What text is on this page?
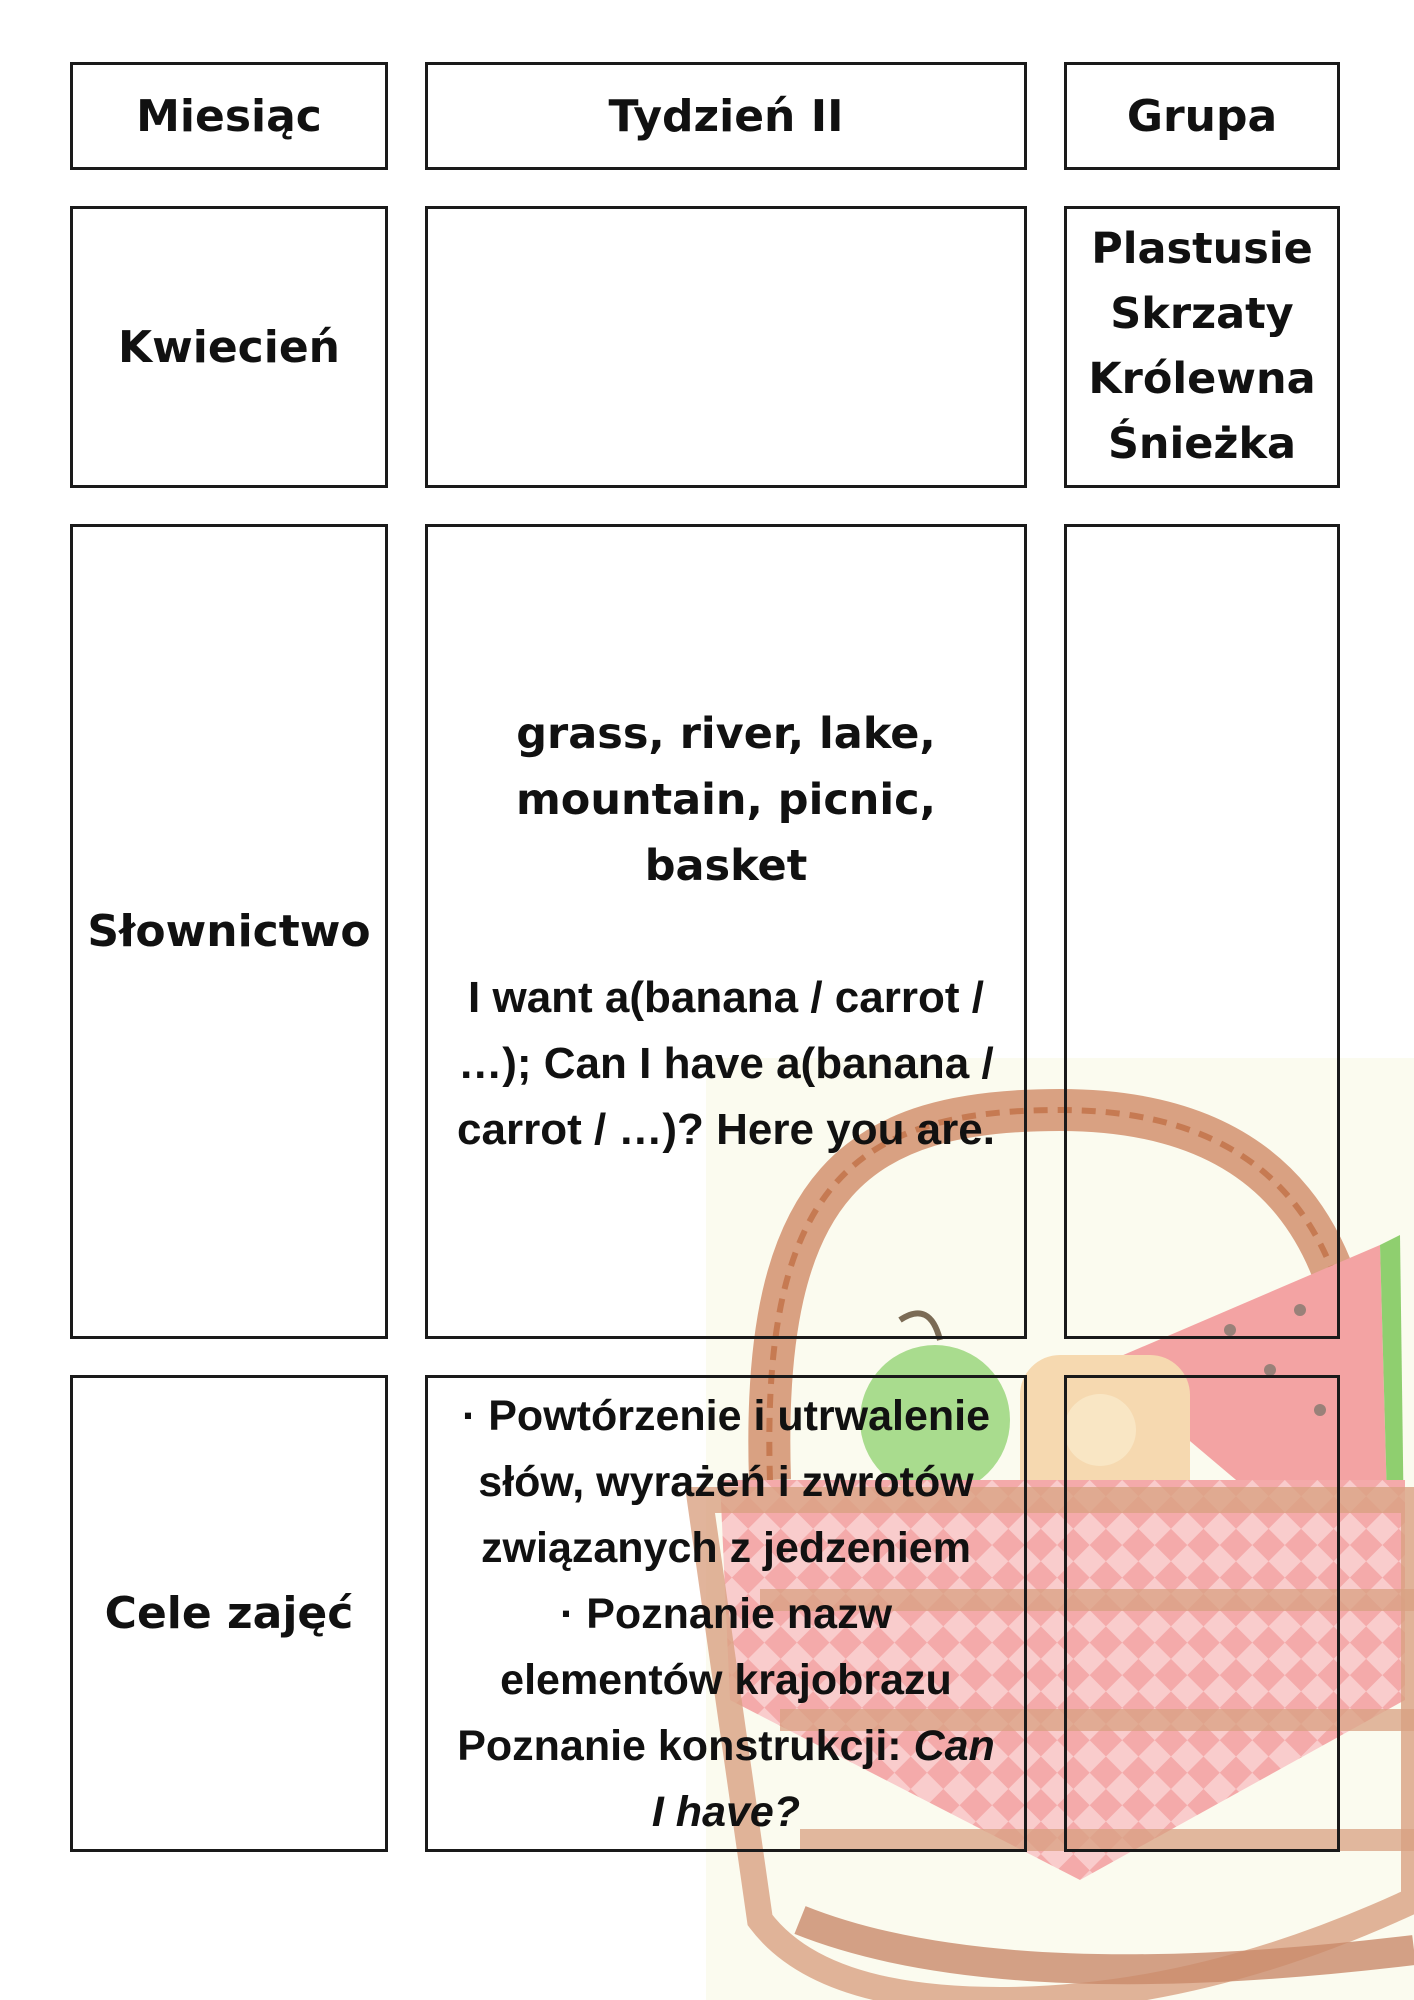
Miesiąc	Tydzień II	Grupa
Kwiecień
Plastusie
Skrzaty
Królewna
Śnieżka
Słownictwo
grass, river, lake,
mountain, picnic, basket
I want a(banana / carrot /
…); Can I have a(banana /
carrot / …)? Here you are.
Cele zajęć
· Powtórzenie i utrwalenie
słów, wyrażeń i zwrotów
związanych z jedzeniem
· Poznanie nazw
elementów krajobrazu
Poznanie konstrukcji: Can
I have?
